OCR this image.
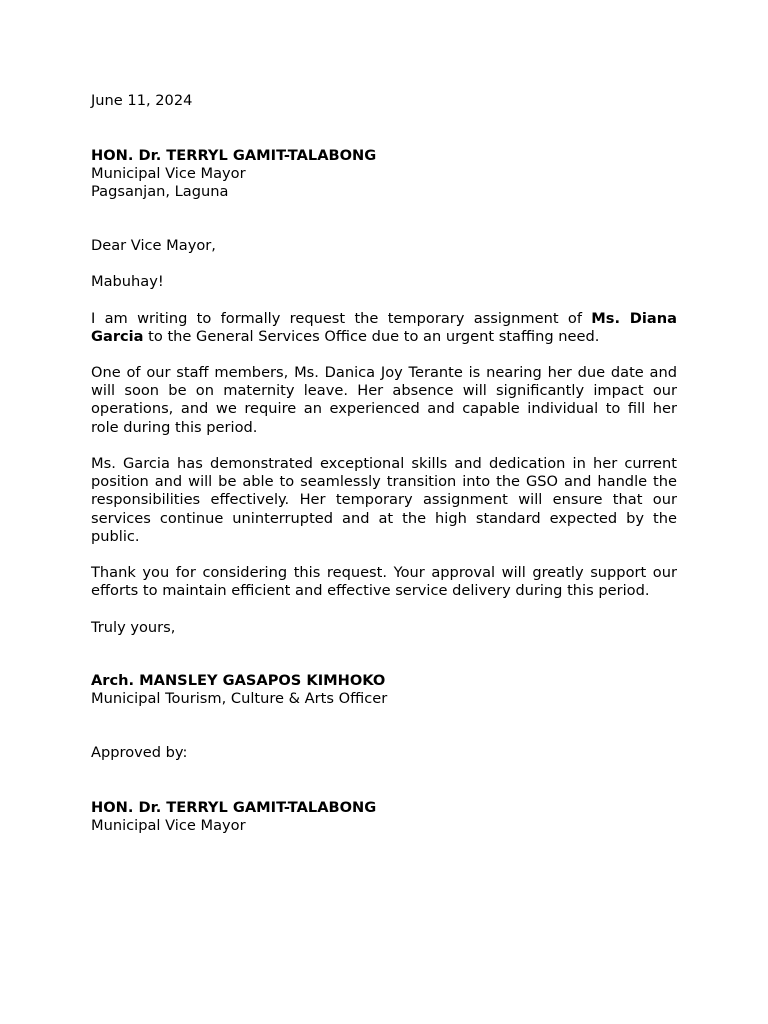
June 11, 2024

HON. Dr. TERRYL GAMIT-TALABONG
Municipal Vice Mayor
Pagsanjan, Laguna

Dear Vice Mayor,

Mabuhay!

I am writing to formally request the temporary assignment of Ms. Diana Garcia to the General Services Office due to an urgent staffing need.

One of our staff members, Ms. Danica Joy Terante is nearing her due date and will soon be on maternity leave. Her absence will significantly impact our operations, and we require an experienced and capable individual to fill her role during this period.

Ms. Garcia has demonstrated exceptional skills and dedication in her current position and will be able to seamlessly transition into the GSO and handle the responsibilities effectively. Her temporary assignment will ensure that our services continue uninterrupted and at the high standard expected by the public.

Thank you for considering this request. Your approval will greatly support our efforts to maintain efficient and effective service delivery during this period.

Truly yours,

Arch. MANSLEY GASAPOS KIMHOKO
Municipal Tourism, Culture & Arts Officer

Approved by:

HON. Dr. TERRYL GAMIT-TALABONG
Municipal Vice Mayor
